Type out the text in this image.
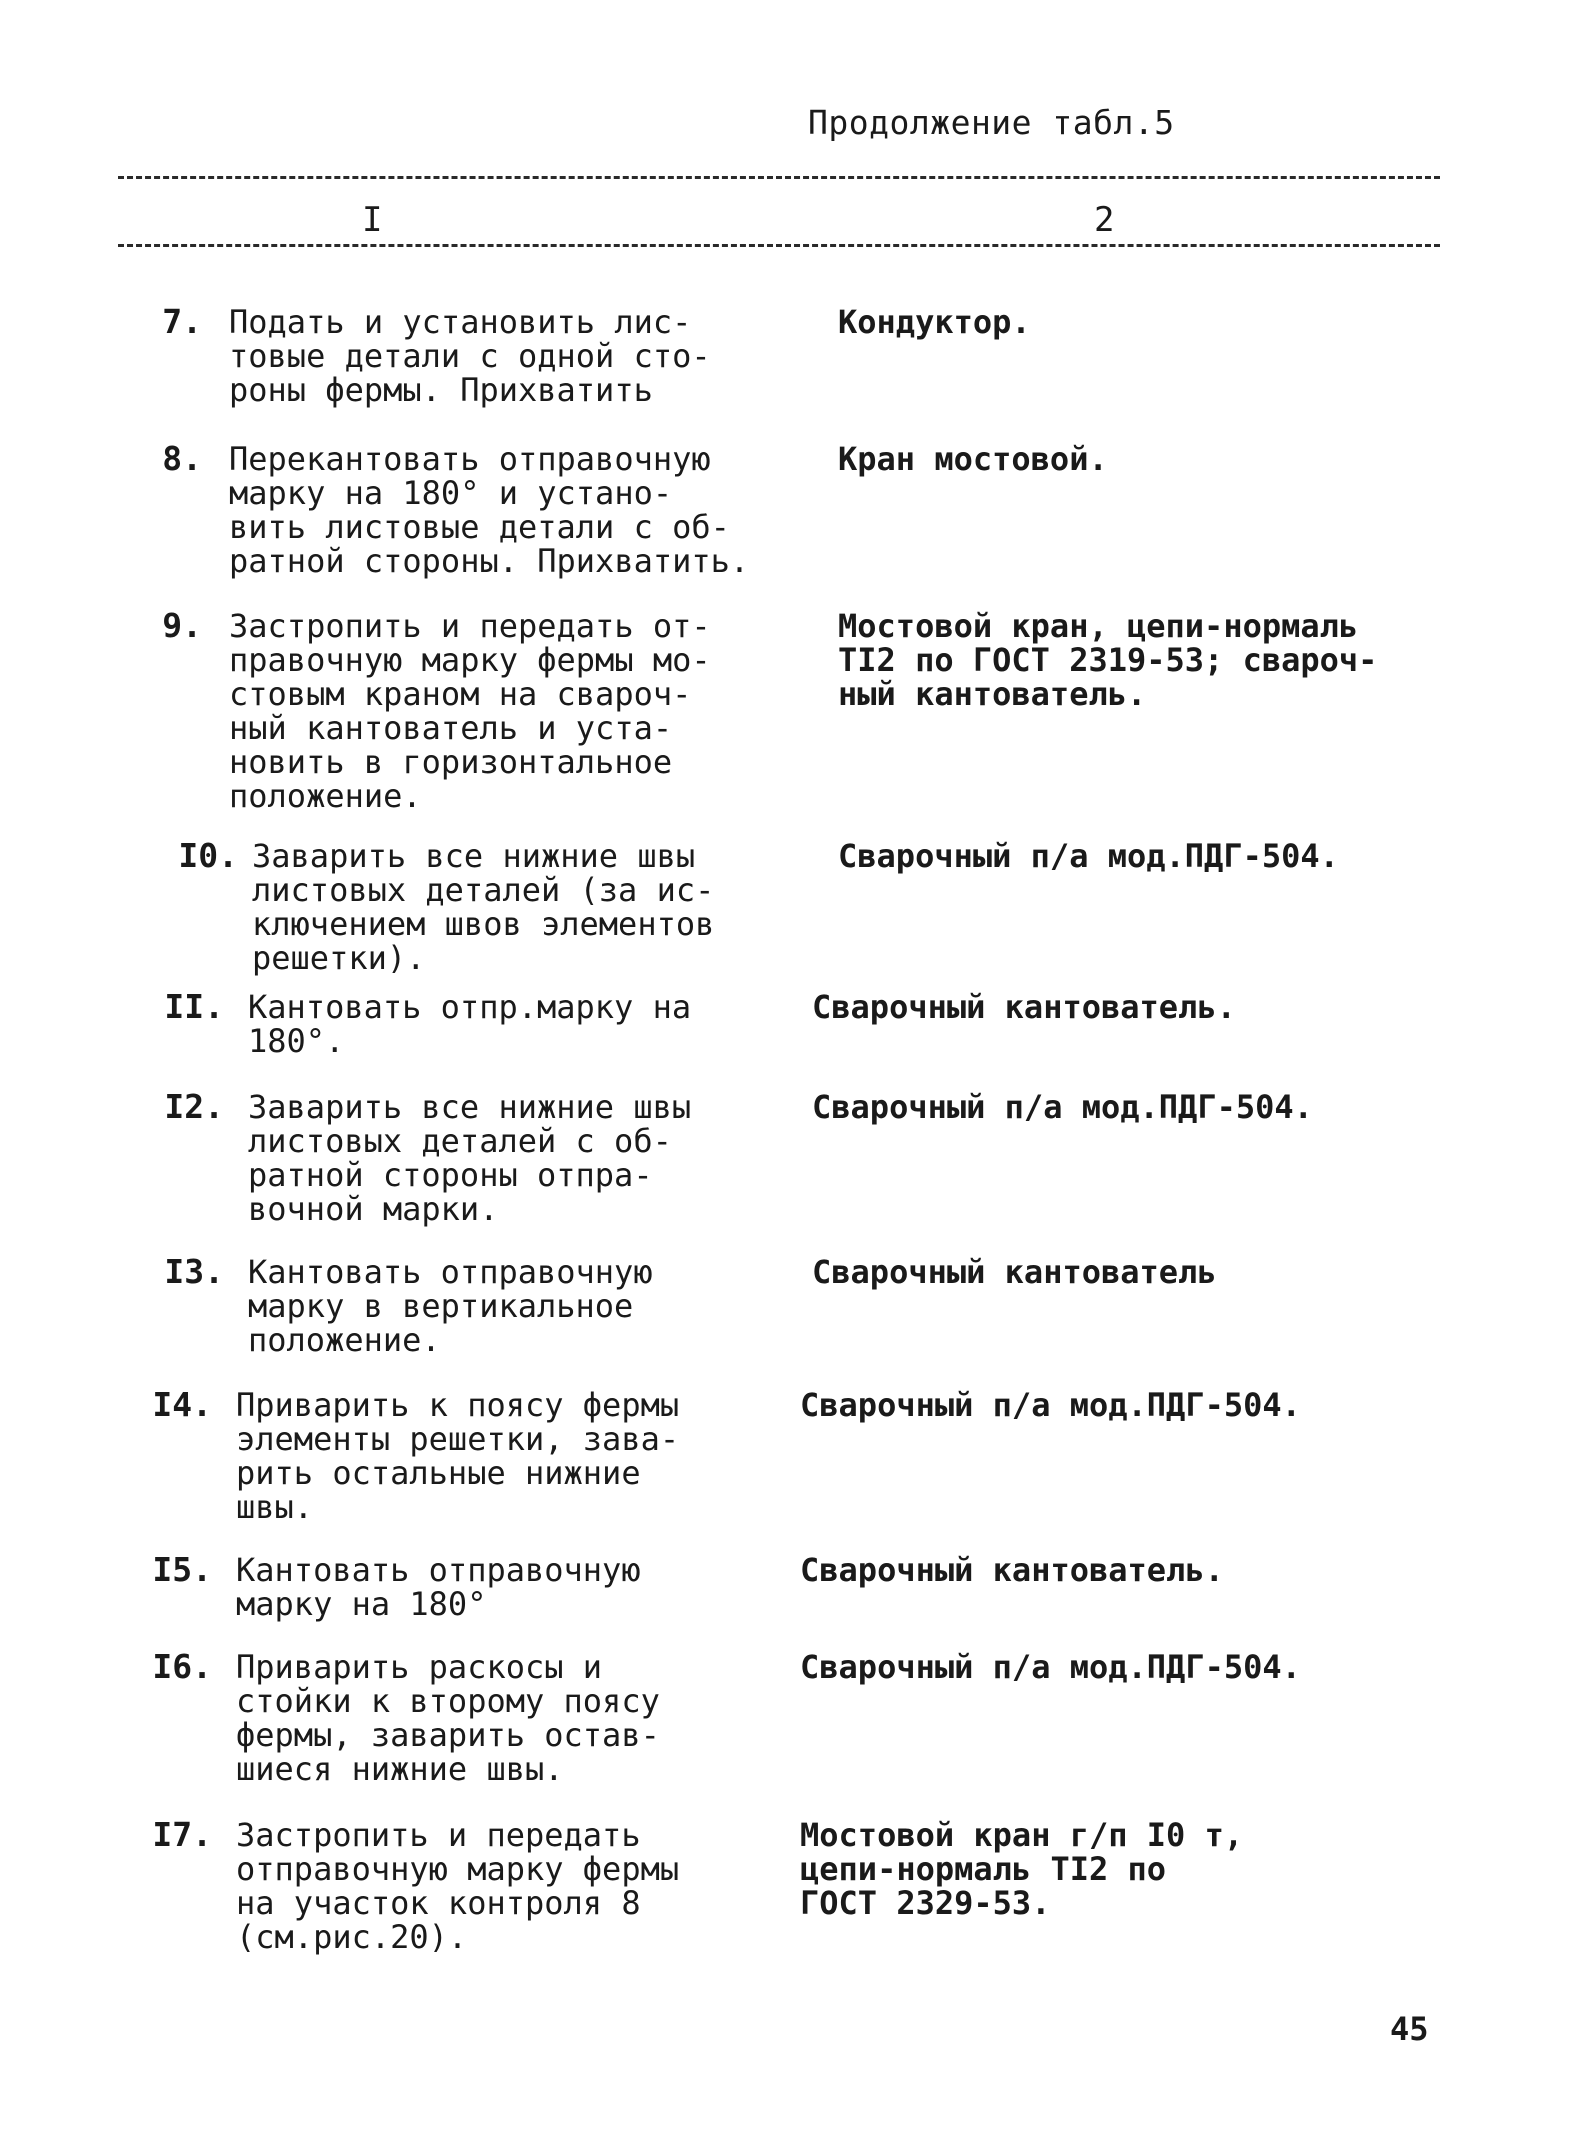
Продолжение табл.5
I	2
7. Подать и установить лис-
товые детали с одной сто-
роны фермы. Прихватить
Кондуктор.
8. Перекантовать отправочную
марку на 180° и устано-
вить листовые детали с об-
ратной стороны. Прихватить.
Кран мостовой.
9. Застропить и передать от-
правочную марку фермы мо-
стовым краном на свароч-
ный кантователь и уста-
новить в горизонтальное
положение.
Мостовой кран, цепи-нормаль
ТI2 по ГОСТ 2319-53; свароч-
ный кантователь.
I0. Заварить все нижние швы
листовых деталей (за ис-
ключением швов элементов
решетки).
Сварочный п/а мод.ПДГ-504.
II. Кантовать отпр.марку на
180°.
Сварочный кантователь.
I2. Заварить все нижние швы
листовых деталей с об-
ратной стороны отпра-
вочной марки.
Сварочный п/а мод.ПДГ-504.
I3. Кантовать отправочную
марку в вертикальное
положение.
Сварочный кантователь
I4. Приварить к поясу фермы
элементы решетки, зава-
рить остальные нижние
швы.
Сварочный п/а мод.ПДГ-504.
I5. Кантовать отправочную
марку на 180°
Сварочный кантователь.
I6. Приварить раскосы и
стойки к второму поясу
фермы, заварить остав-
шиеся нижние швы.
Сварочный п/а мод.ПДГ-504.
I7. Застропить и передать
отправочную марку фермы
на участок контроля 8
(см.рис.20).
Мостовой кран г/п I0 т,
цепи-нормаль ТI2 по
ГОСТ 2329-53.
45
